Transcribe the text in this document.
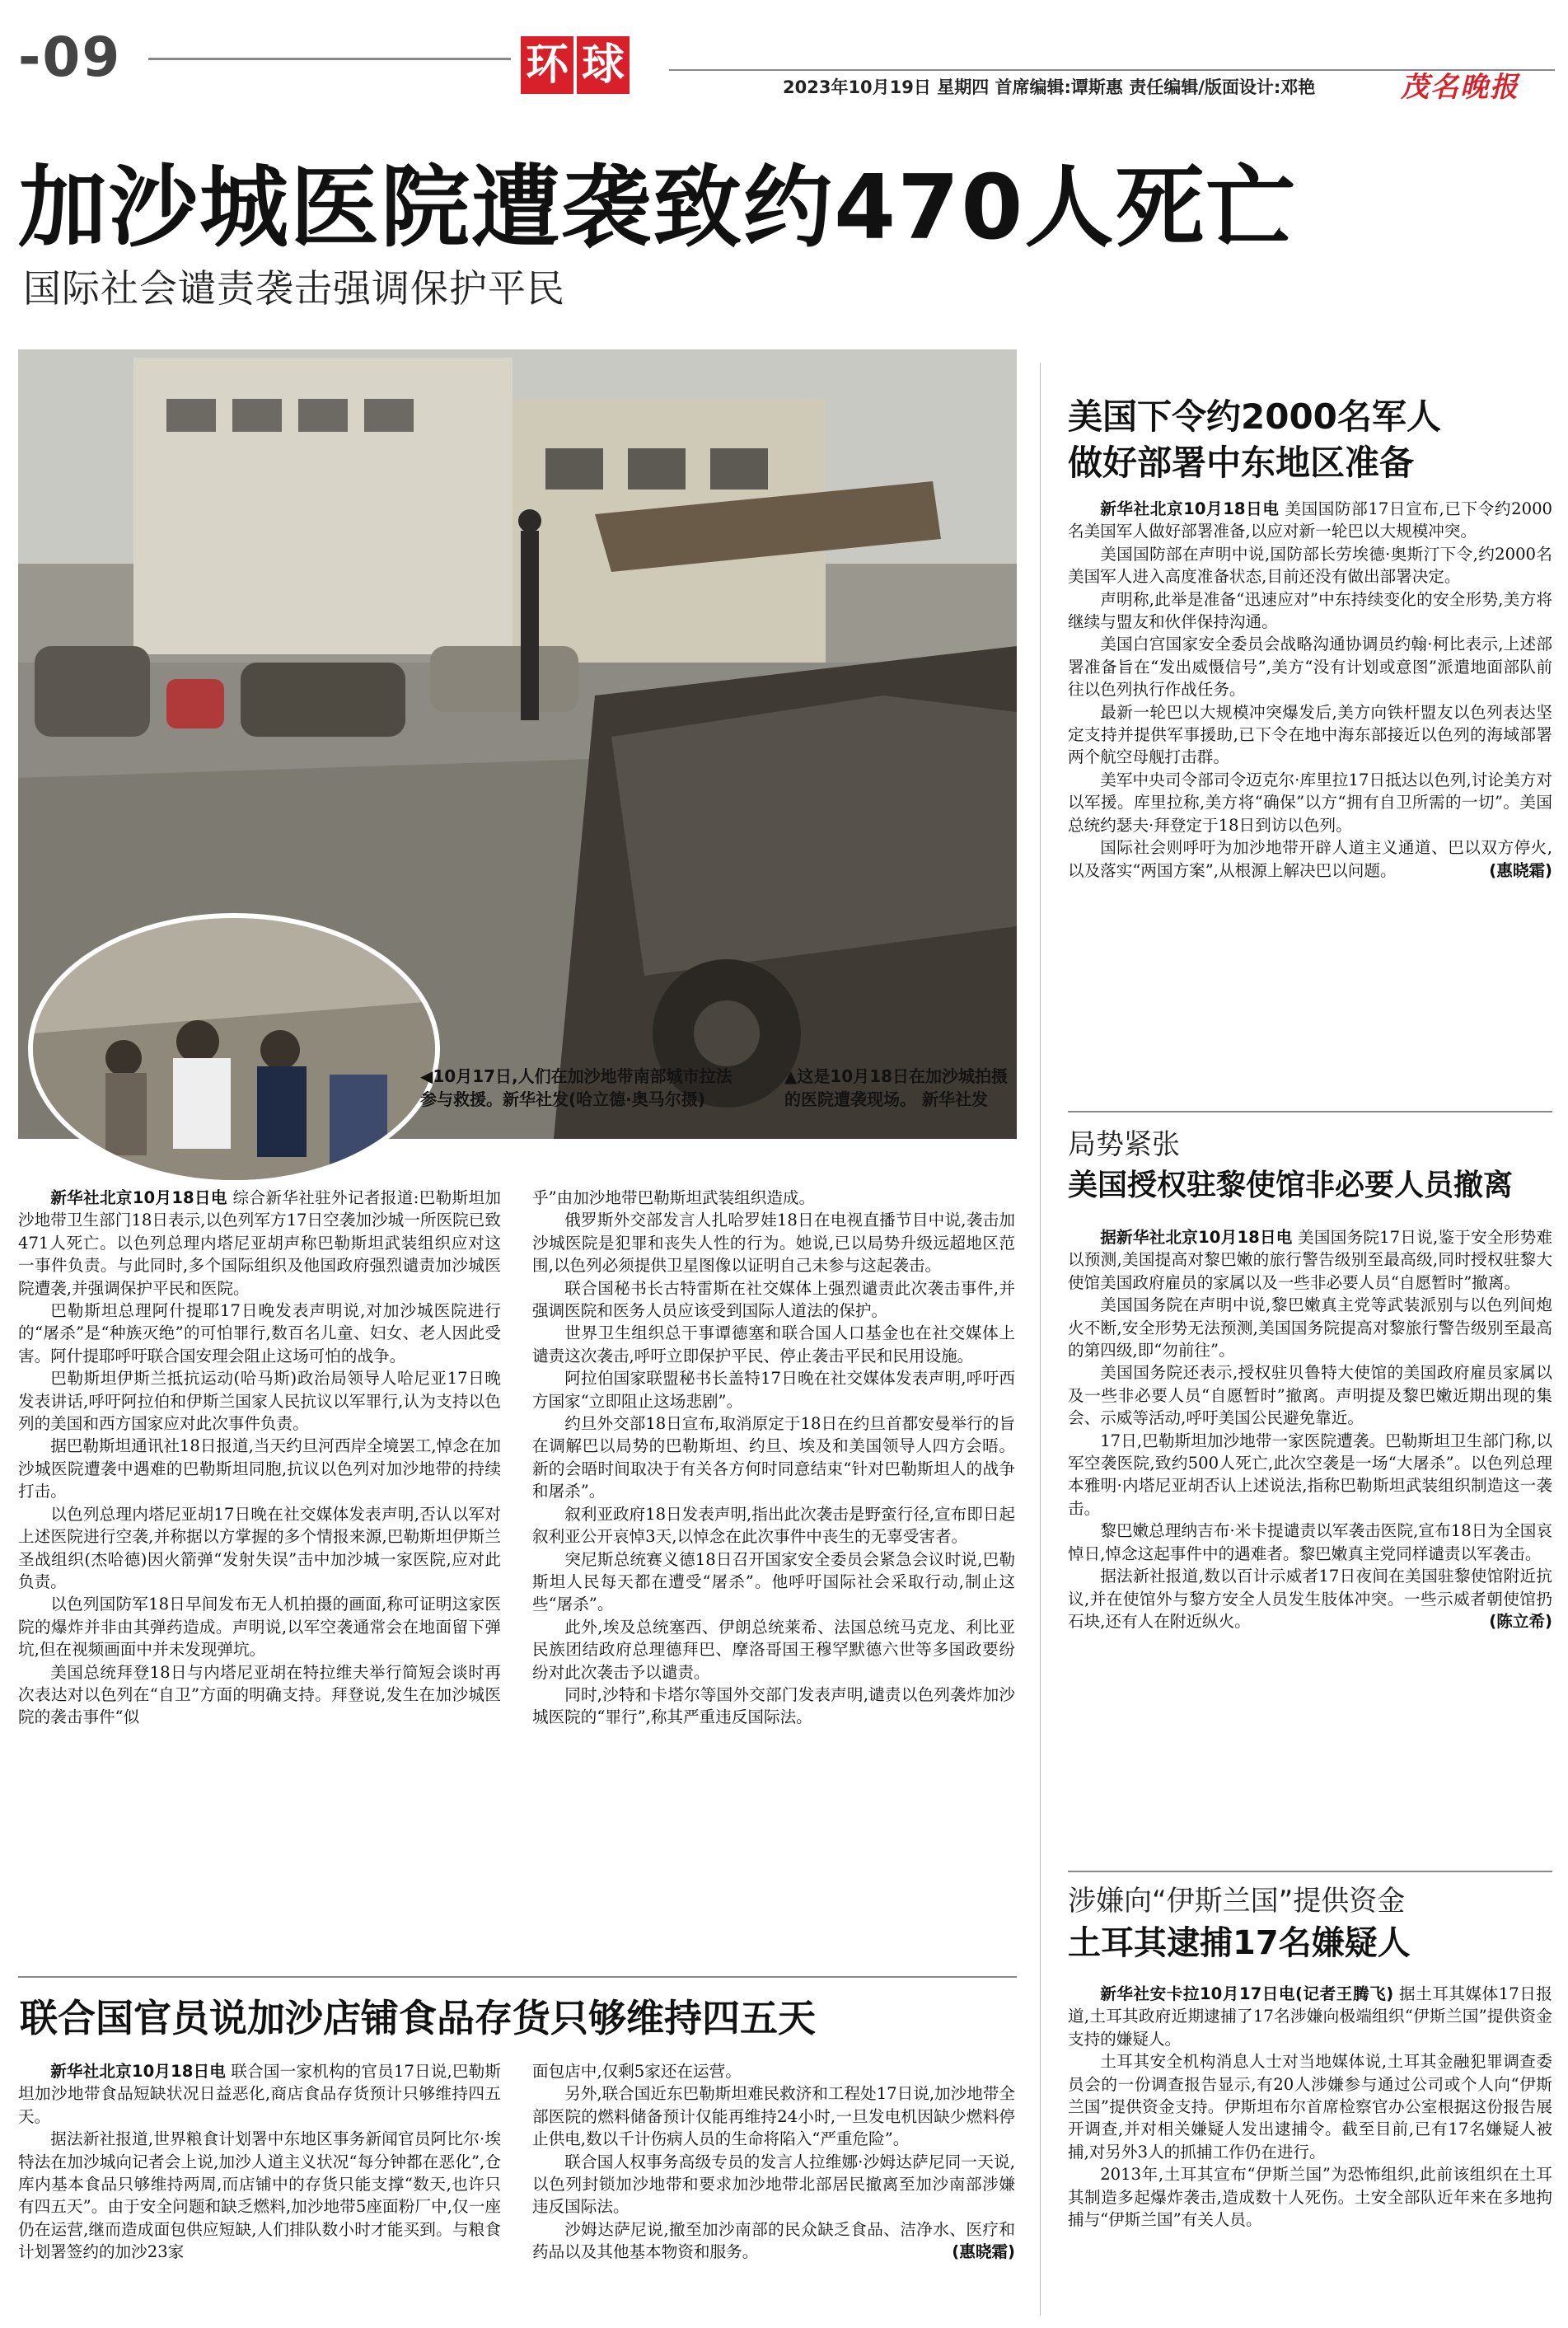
-09	环 球	2023年10月19日 星期四 首席编辑:谭斯惠 责任编辑/版面设计:邓艳	茂名晚报
加沙城医院遭袭致约470人死亡
国际社会谴责袭击强调保护平民
◀10月17日,人们在加沙地带南部城市拉法参与救援。新华社发(哈立德·奥马尔摄)
▲这是10月18日在加沙城拍摄的医院遭袭现场。 新华社发

新华社北京10月18日电 综合新华社驻外记者报道:巴勒斯坦加沙地带卫生部门18日表示,以色列军方17日空袭加沙城一所医院已致471人死亡。以色列总理内塔尼亚胡声称巴勒斯坦武装组织应对这一事件负责。与此同时,多个国际组织及他国政府强烈谴责加沙城医院遭袭,并强调保护平民和医院。

巴勒斯坦总理阿什提耶17日晚发表声明说,对加沙城医院进行的“屠杀”是“种族灭绝”的可怕罪行,数百名儿童、妇女、老人因此受害。阿什提耶呼吁联合国安理会阻止这场可怕的战争。

巴勒斯坦伊斯兰抵抗运动(哈马斯)政治局领导人哈尼亚17日晚发表讲话,呼吁阿拉伯和伊斯兰国家人民抗议以军罪行,认为支持以色列的美国和西方国家应对此次事件负责。

据巴勒斯坦通讯社18日报道,当天约旦河西岸全境罢工,悼念在加沙城医院遭袭中遇难的巴勒斯坦同胞,抗议以色列对加沙地带的持续打击。

以色列总理内塔尼亚胡17日晚在社交媒体发表声明,否认以军对上述医院进行空袭,并称据以方掌握的多个情报来源,巴勒斯坦伊斯兰圣战组织(杰哈德)因火箭弹“发射失误”击中加沙城一家医院,应对此负责。

以色列国防军18日早间发布无人机拍摄的画面,称可证明这家医院的爆炸并非由其弹药造成。声明说,以军空袭通常会在地面留下弹坑,但在视频画面中并未发现弹坑。

美国总统拜登18日与内塔尼亚胡在特拉维夫举行简短会谈时再次表达对以色列在“自卫”方面的明确支持。拜登说,发生在加沙城医院的袭击事件“似

乎”由加沙地带巴勒斯坦武装组织造成。

俄罗斯外交部发言人扎哈罗娃18日在电视直播节目中说,袭击加沙城医院是犯罪和丧失人性的行为。她说,已以局势升级远超地区范围,以色列必须提供卫星图像以证明自己未参与这起袭击。

联合国秘书长古特雷斯在社交媒体上强烈谴责此次袭击事件,并强调医院和医务人员应该受到国际人道法的保护。

世界卫生组织总干事谭德塞和联合国人口基金也在社交媒体上谴责这次袭击,呼吁立即保护平民、停止袭击平民和民用设施。

阿拉伯国家联盟秘书长盖特17日晚在社交媒体发表声明,呼吁西方国家“立即阻止这场悲剧”。

约旦外交部18日宣布,取消原定于18日在约旦首都安曼举行的旨在调解巴以局势的巴勒斯坦、约旦、埃及和美国领导人四方会晤。新的会晤时间取决于有关各方何时同意结束“针对巴勒斯坦人的战争和屠杀”。

叙利亚政府18日发表声明,指出此次袭击是野蛮行径,宣布即日起叙利亚公开哀悼3天,以悼念在此次事件中丧生的无辜受害者。

突尼斯总统赛义德18日召开国家安全委员会紧急会议时说,巴勒斯坦人民每天都在遭受“屠杀”。他呼吁国际社会采取行动,制止这些“屠杀”。

此外,埃及总统塞西、伊朗总统莱希、法国总统马克龙、利比亚民族团结政府总理德拜巴、摩洛哥国王穆罕默德六世等多国政要纷纷对此次袭击予以谴责。

同时,沙特和卡塔尔等国外交部门发表声明,谴责以色列袭炸加沙城医院的“罪行”,称其严重违反国际法。

联合国官员说加沙店铺食品存货只够维持四五天

新华社北京10月18日电 联合国一家机构的官员17日说,巴勒斯坦加沙地带食品短缺状况日益恶化,商店食品存货预计只够维持四五天。

据法新社报道,世界粮食计划署中东地区事务新闻官员阿比尔·埃特法在加沙城向记者会上说,加沙人道主义状况“每分钟都在恶化”,仓库内基本食品只够维持两周,而店铺中的存货只能支撑“数天,也许只有四五天”。由于安全问题和缺乏燃料,加沙地带5座面粉厂中,仅一座仍在运营,继而造成面包供应短缺,人们排队数小时才能买到。与粮食计划署签约的加沙23家

面包店中,仅剩5家还在运营。

另外,联合国近东巴勒斯坦难民救济和工程处17日说,加沙地带全部医院的燃料储备预计仅能再维持24小时,一旦发电机因缺少燃料停止供电,数以千计伤病人员的生命将陷入“严重危险”。

联合国人权事务高级专员的发言人拉维娜·沙姆达萨尼同一天说,以色列封锁加沙地带和要求加沙地带北部居民撤离至加沙南部涉嫌违反国际法。

沙姆达萨尼说,撤至加沙南部的民众缺乏食品、洁净水、医疗和药品以及其他基本物资和服务。	(惠晓霜)

美国下令约2000名军人
做好部署中东地区准备

新华社北京10月18日电 美国国防部17日宣布,已下令约2000名美国军人做好部署准备,以应对新一轮巴以大规模冲突。

美国国防部在声明中说,国防部长劳埃德·奥斯汀下令,约2000名美国军人进入高度准备状态,目前还没有做出部署决定。

声明称,此举是准备“迅速应对”中东持续变化的安全形势,美方将继续与盟友和伙伴保持沟通。

美国白宫国家安全委员会战略沟通协调员约翰·柯比表示,上述部署准备旨在“发出威慑信号”,美方“没有计划或意图”派遣地面部队前往以色列执行作战任务。

最新一轮巴以大规模冲突爆发后,美方向铁杆盟友以色列表达坚定支持并提供军事援助,已下令在地中海东部接近以色列的海域部署两个航空母舰打击群。

美军中央司令部司令迈克尔·库里拉17日抵达以色列,讨论美方对以军援。库里拉称,美方将“确保”以方“拥有自卫所需的一切”。美国总统约瑟夫·拜登定于18日到访以色列。

国际社会则呼吁为加沙地带开辟人道主义通道、巴以双方停火,以及落实“两国方案”,从根源上解决巴以问题。	(惠晓霜)

局势紧张
美国授权驻黎使馆非必要人员撤离

据新华社北京10月18日电 美国国务院17日说,鉴于安全形势难以预测,美国提高对黎巴嫩的旅行警告级别至最高级,同时授权驻黎大使馆美国政府雇员的家属以及一些非必要人员“自愿暂时”撤离。

美国国务院在声明中说,黎巴嫩真主党等武装派别与以色列间炮火不断,安全形势无法预测,美国国务院提高对黎旅行警告级别至最高的第四级,即“勿前往”。

美国国务院还表示,授权驻贝鲁特大使馆的美国政府雇员家属以及一些非必要人员“自愿暂时”撤离。声明提及黎巴嫩近期出现的集会、示威等活动,呼吁美国公民避免靠近。

17日,巴勒斯坦加沙地带一家医院遭袭。巴勒斯坦卫生部门称,以军空袭医院,致约500人死亡,此次空袭是一场“大屠杀”。以色列总理本雅明·内塔尼亚胡否认上述说法,指称巴勒斯坦武装组织制造这一袭击。

黎巴嫩总理纳吉布·米卡提谴责以军袭击医院,宣布18日为全国哀悼日,悼念这起事件中的遇难者。黎巴嫩真主党同样谴责以军袭击。

据法新社报道,数以百计示威者17日夜间在美国驻黎使馆附近抗议,并在使馆外与黎方安全人员发生肢体冲突。一些示威者朝使馆扔石块,还有人在附近纵火。	(陈立希)

涉嫌向“伊斯兰国”提供资金
土耳其逮捕17名嫌疑人

新华社安卡拉10月17日电(记者王腾飞) 据土耳其媒体17日报道,土耳其政府近期逮捕了17名涉嫌向极端组织“伊斯兰国”提供资金支持的嫌疑人。

土耳其安全机构消息人士对当地媒体说,土耳其金融犯罪调查委员会的一份调查报告显示,有20人涉嫌参与通过公司或个人向“伊斯兰国”提供资金支持。伊斯坦布尔首席检察官办公室根据这份报告展开调查,并对相关嫌疑人发出逮捕令。截至目前,已有17名嫌疑人被捕,对另外3人的抓捕工作仍在进行。

2013年,土耳其宣布“伊斯兰国”为恐怖组织,此前该组织在土耳其制造多起爆炸袭击,造成数十人死伤。土安全部队近年来在多地拘捕与“伊斯兰国”有关人员。
